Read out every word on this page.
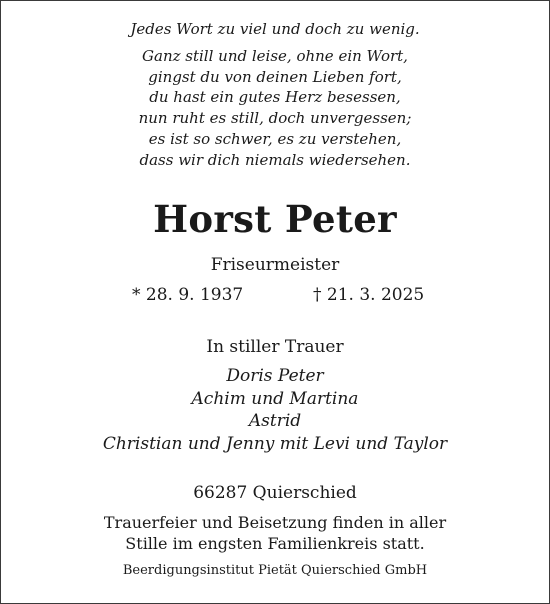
Jedes Wort zu viel und doch zu wenig.
Ganz still und leise, ohne ein Wort,
gingst du von deinen Lieben fort,
du hast ein gutes Herz besessen,
nun ruht es still, doch unvergessen;
es ist so schwer, es zu verstehen,
dass wir dich niemals wiedersehen.
Horst Peter
Friseurmeister
* 28. 9. 1937	† 21. 3. 2025
In stiller Trauer
Doris Peter
Achim und Martina
Astrid
Christian und Jenny mit Levi und Taylor
66287 Quierschied
Trauerfeier und Beisetzung finden in aller
Stille im engsten Familienkreis statt.
Beerdigungsinstitut Pietät Quierschied GmbH
